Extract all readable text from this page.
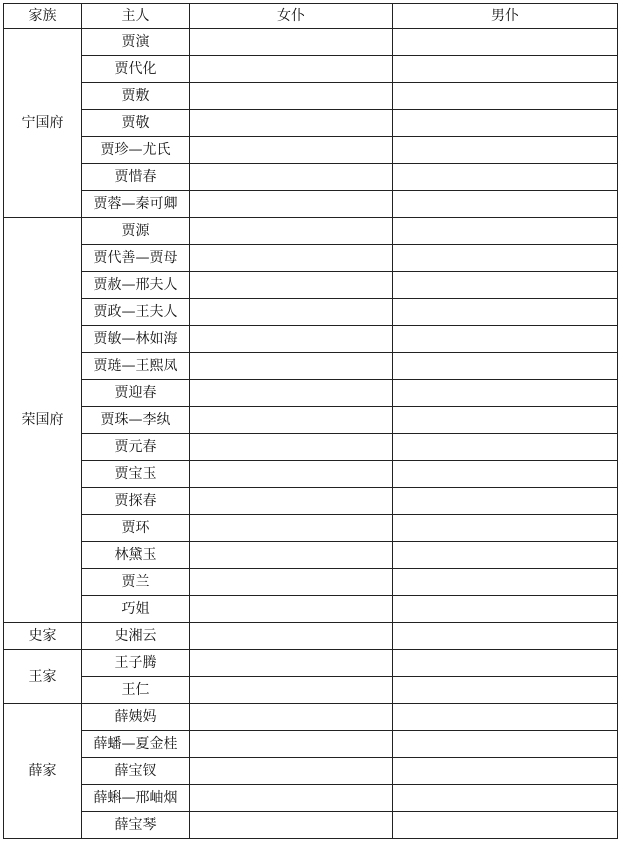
家族	主人	女仆	男仆
宁国府	贾演		
	贾代化		
	贾敷		
	贾敬		
	贾珍—尤氏		
	贾惜春		
	贾蓉—秦可卿		
荣国府	贾源		
	贾代善—贾母		
	贾赦—邢夫人		
	贾政—王夫人		
	贾敏—林如海		
	贾琏—王熙凤		
	贾迎春		
	贾珠—李纨		
	贾元春		
	贾宝玉		
	贾探春		
	贾环		
	林黛玉		
	贾兰		
	巧姐		
史家	史湘云		
王家	王子腾		
	王仁		
薛家	薛姨妈		
	薛蟠—夏金桂		
	薛宝钗		
	薛蝌—邢岫烟		
	薛宝琴		
